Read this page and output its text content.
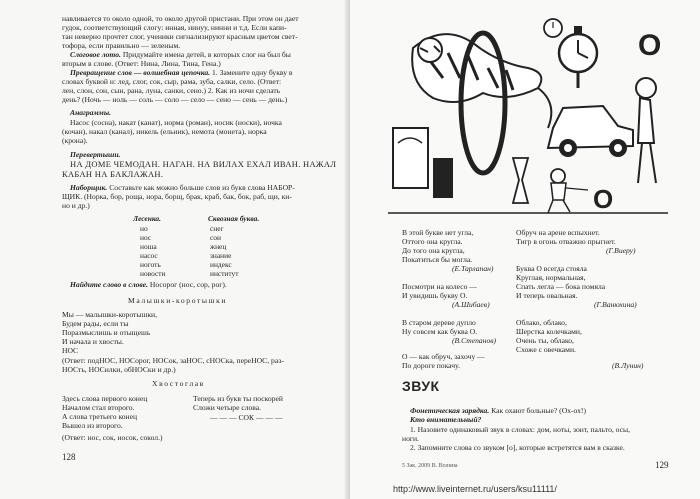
навливается то около одной, то около другой пристани. При этом он дает
гудок, соответствующий слогу: инная, нинуу, нинни и т.д. Если капи-
тан неверно прочтет слог, ученики сигнализируют красным цветом свет-
тофора, если правильно — зеленым.
Слоговое лото. Придумайте имена детей, в которых слог на был бы
вторым в слове. (Ответ: Нина, Лина, Тина, Гена.)
Превращение слов — волшебная цепочка. 1. Замените одну букву в
словах буквой н: лед, слог, сок, сыр, рама, зуба, салки, село. (Ответ:
лен, слон, сон, сын, рана, луна, санки, сено.) 2. Как из ночи сделать
день? (Ночь — ноль — соль — соло — село — сено — сень — день.)
Анаграммы.
Насос (сосна), накат (канат), норма (роман), носик (носки), ночка
(кочан), накал (канал), никель (ельник), немота (монета), норка
(крона).
Перевертыши.
НА ДОМЕ ЧЕМОДАН. НАГАН. НА ВИЛАХ ЕХАЛ ИВАН. НАЖАЛ
КАБАН НА БАКЛАЖАН.
Наборщик. Составьте как можно больше слов из букв слова НАБОР-
ЩИК. (Норка, бор, роща, нора, борщ, брак, краб, бак, бок, раб, щи, ки-
но и др.)
Лесенка.	Сквозная буква.
но
нос
ноша
насос
ноготь
новости
снег
сон
жнец
знание
индекс
институт
Найдите слово в слове. Носорог (нос, сор, рог).
Малышки-коротышки
Мы — малышки-коротышки,
Будем рады, если ты
Поразмыслишь и отыщешь
И начала и хвосты.
НОС
(Ответ: подНОС, НОСорог, НОСок, заНОС, сНОСка, переНОС, раз-
НОСть, НОСилки, обНОСки и др.)
Хвостоглав
Здесь слова первого конец
Началом стал второго.
А слова третьего конец
Вышел из второго.
Теперь из букв ты поскорей
Сложи четыре слова.
— — — СОК — — —
(Ответ: нос, сок, носок, сокол.)
128
O
O
В этой букве нет угла,
Оттого она кругла.
До того она кругла,
Покатиться бы могла.
(Е.Тарлапан)
Посмотри на колесо —
И увидишь букву О.
(А.Шибаев)
В старом дереве дупло
Ну совсем как буква О.
(В.Степанов)
О — как обруч, захочу —
По дороге покачу.
Обруч на арене вспыхнет.
Тигр в огонь отважно прыгнет.
(Г.Виеру)
Буква О всегда стояла
Круглая, нормальная,
Спать легла — бока помяла
И теперь овальная.
(Г.Ванюхина)
Облако, облако,
Шерстка колечками,
Очень ты, облако,
Схоже с овечками.
(В.Лунин)
ЗВУК
Фонетическая зарядка. Как охают больные? (Ох-ох!)
Кто внимательный?
1. Назовите одинаковый звук в словах: дом, ноты, зонт, пальто, осы,
ноги.
2. Запомните слова со звуком [о], которые встретятся вам в сказке.
5 Зак. 2009 В. Волина	129
http://www.liveinternet.ru/users/ksu11111/
